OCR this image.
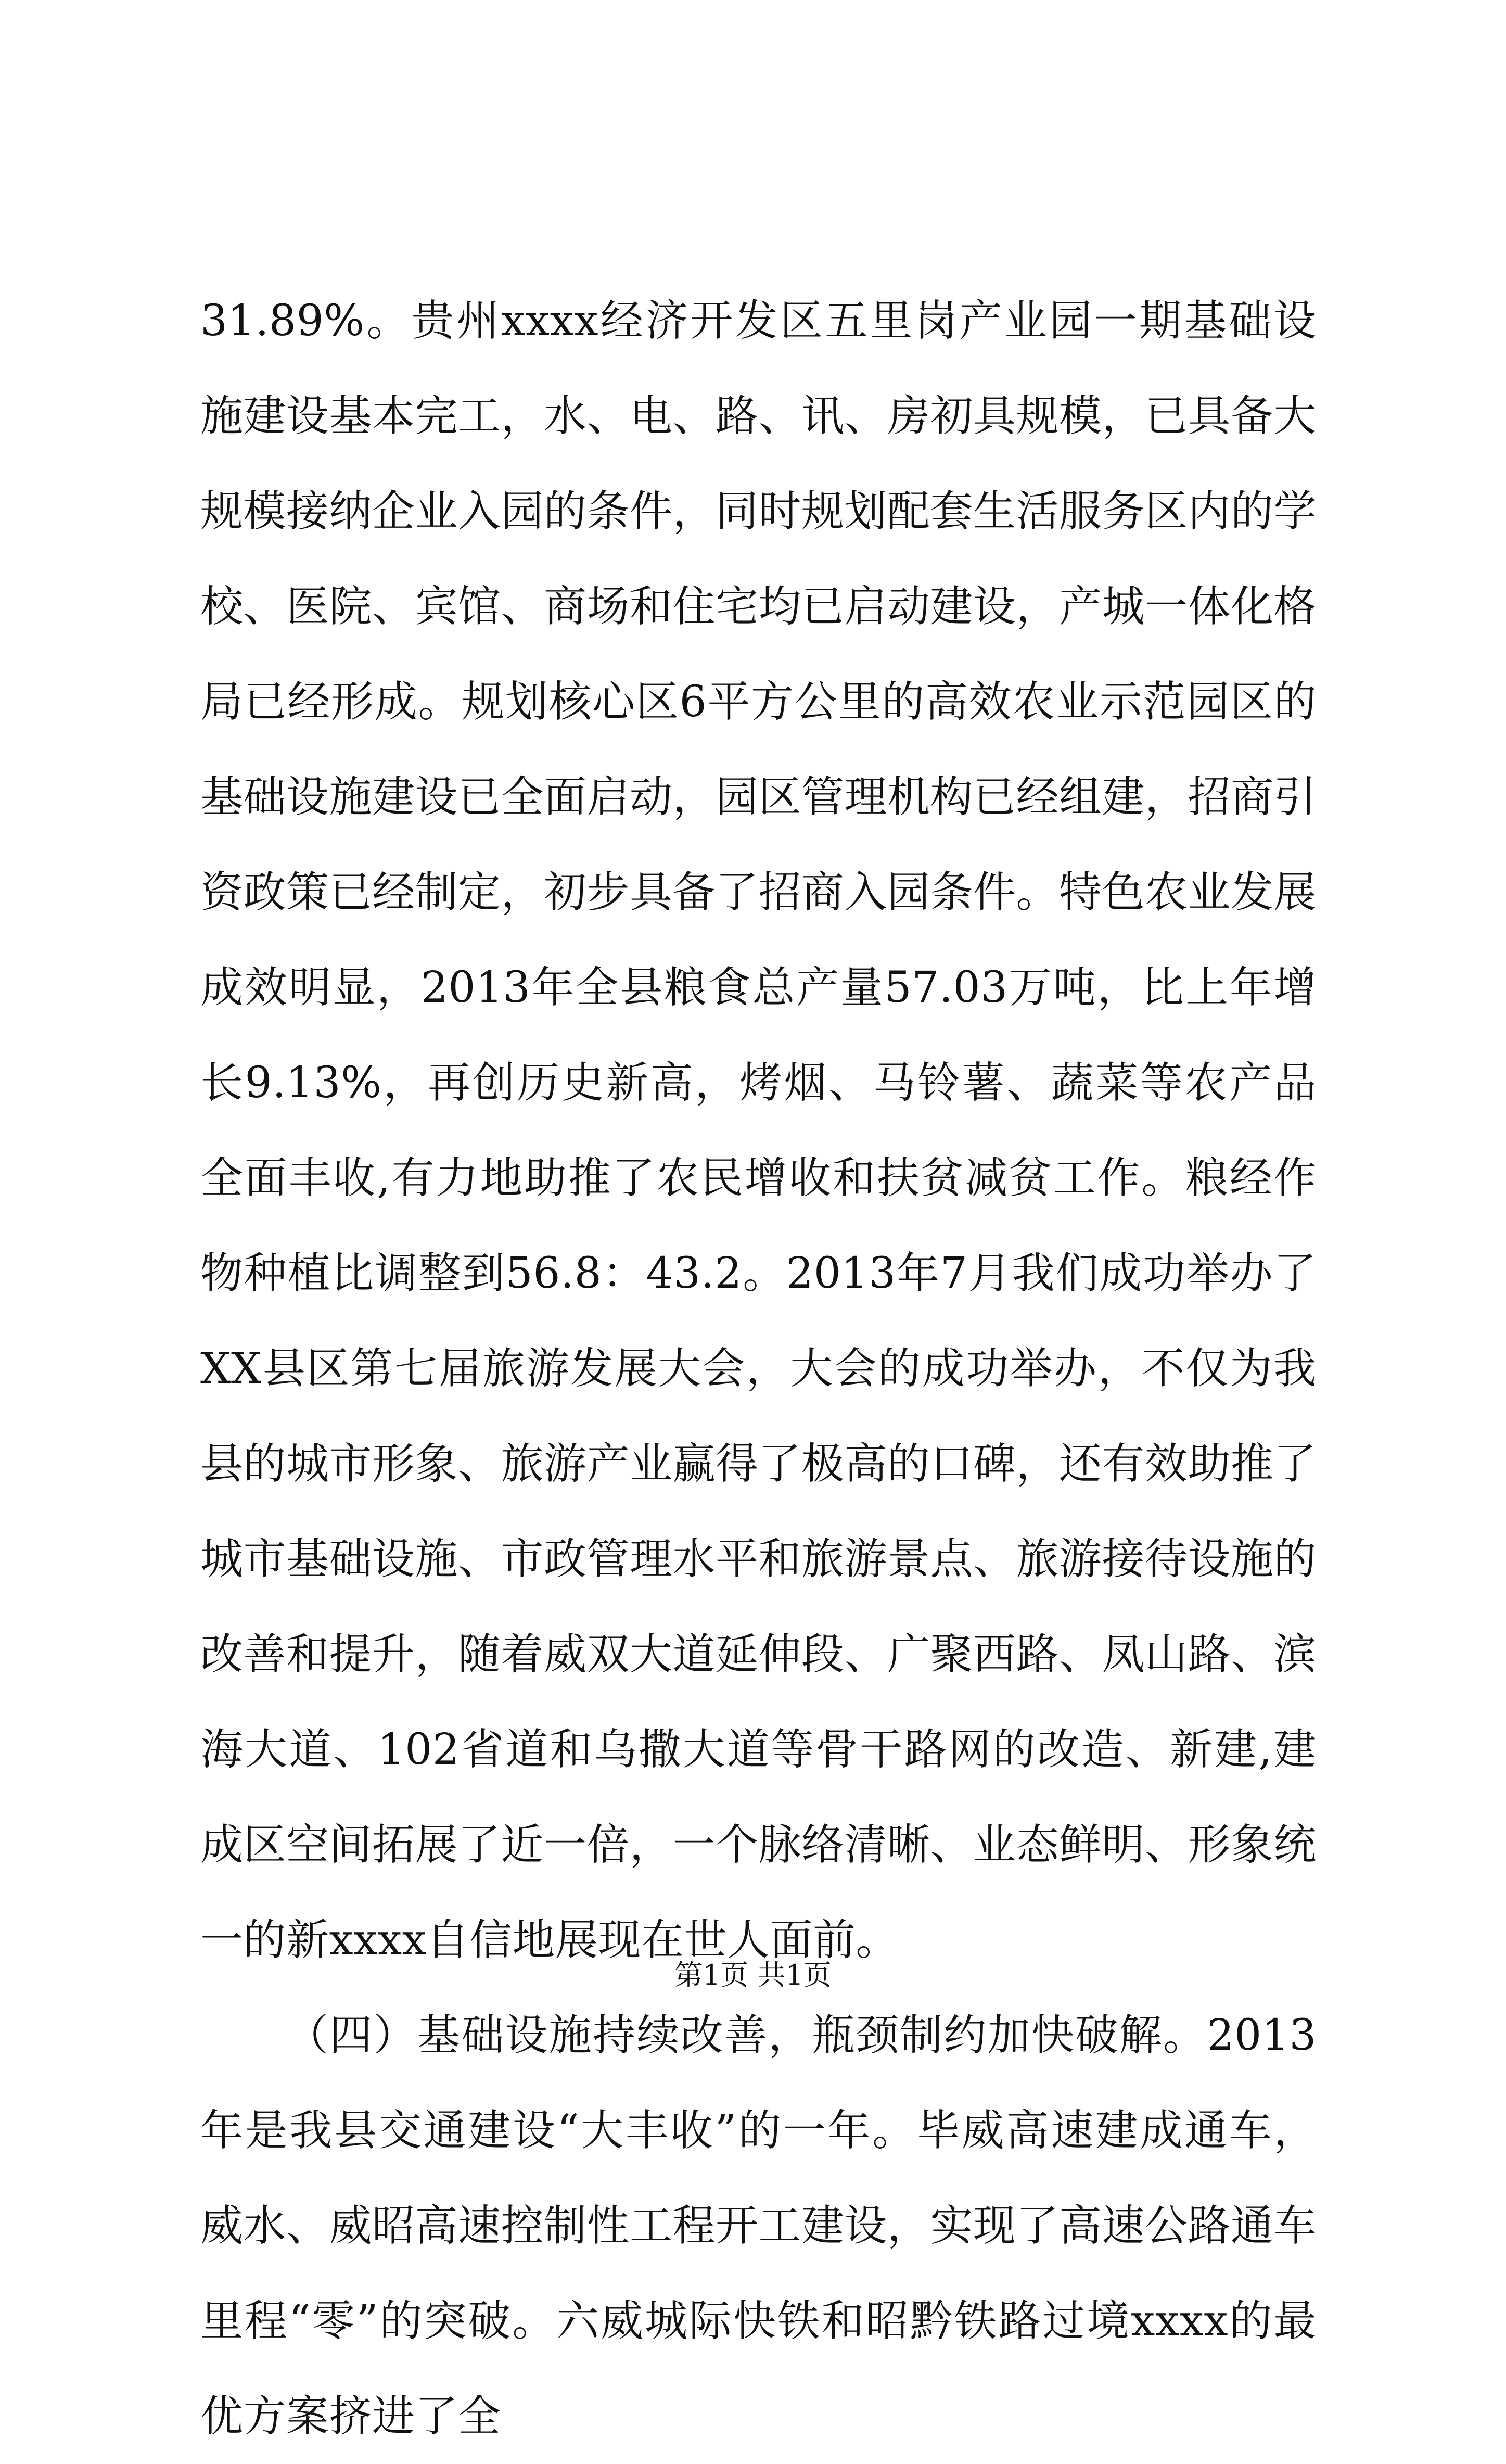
31.89%。贵州xxxx经济开发区五里岗产业园一期基础设施建设基本完工，水、电、路、讯、房初具规模，已具备大规模接纳企业入园的条件，同时规划配套生活服务区内的学校、医院、宾馆、商场和住宅均已启动建设，产城一体化格局已经形成。规划核心区6平方公里的高效农业示范园区的基础设施建设已全面启动，园区管理机构已经组建，招商引资政策已经制定，初步具备了招商入园条件。特色农业发展成效明显，2013年全县粮食总产量57.03万吨，比上年增长9.13%，再创历史新高，烤烟、马铃薯、蔬菜等农产品全面丰收,有力地助推了农民增收和扶贫减贫工作。粮经作物种植比调整到56.8：43.2。2013年7月我们成功举办了XX县区第七届旅游发展大会，大会的成功举办，不仅为我县的城市形象、旅游产业赢得了极高的口碑，还有效助推了城市基础设施、市政管理水平和旅游景点、旅游接待设施的改善和提升，随着威双大道延伸段、广聚西路、凤山路、滨海大道、102省道和乌撒大道等骨干路网的改造、新建,建成区空间拓展了近一倍，一个脉络清晰、业态鲜明、形象统一的新xxxx自信地展现在世人面前。

（四）基础设施持续改善，瓶颈制约加快破解。2013年是我县交通建设“大丰收”的一年。毕威高速建成通车，威水、威昭高速控制性工程开工建设，实现了高速公路通车里程“零”的突破。六威城际快铁和昭黔铁路过境xxxx的最优方案挤进了全

第1页 共1页
